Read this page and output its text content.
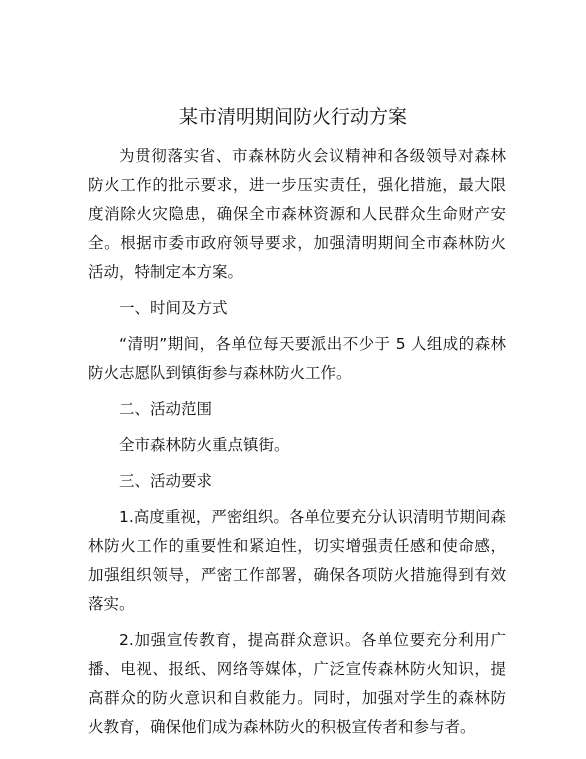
某市清明期间防火行动方案

为贯彻落实省、市森林防火会议精神和各级领导对森林防火工作的批示要求，进一步压实责任，强化措施，最大限度消除火灾隐患，确保全市森林资源和人民群众生命财产安全。根据市委市政府领导要求，加强清明期间全市森林防火活动，特制定本方案。

一、时间及方式

“清明”期间，各单位每天要派出不少于 5 人组成的森林防火志愿队到镇街参与森林防火工作。

二、活动范围

全市森林防火重点镇街。

三、活动要求

1.高度重视，严密组织。各单位要充分认识清明节期间森林防火工作的重要性和紧迫性，切实增强责任感和使命感，加强组织领导，严密工作部署，确保各项防火措施得到有效落实。

2.加强宣传教育，提高群众意识。各单位要充分利用广播、电视、报纸、网络等媒体，广泛宣传森林防火知识，提高群众的防火意识和自救能力。同时，加强对学生的森林防火教育，确保他们成为森林防火的积极宣传者和参与者。
